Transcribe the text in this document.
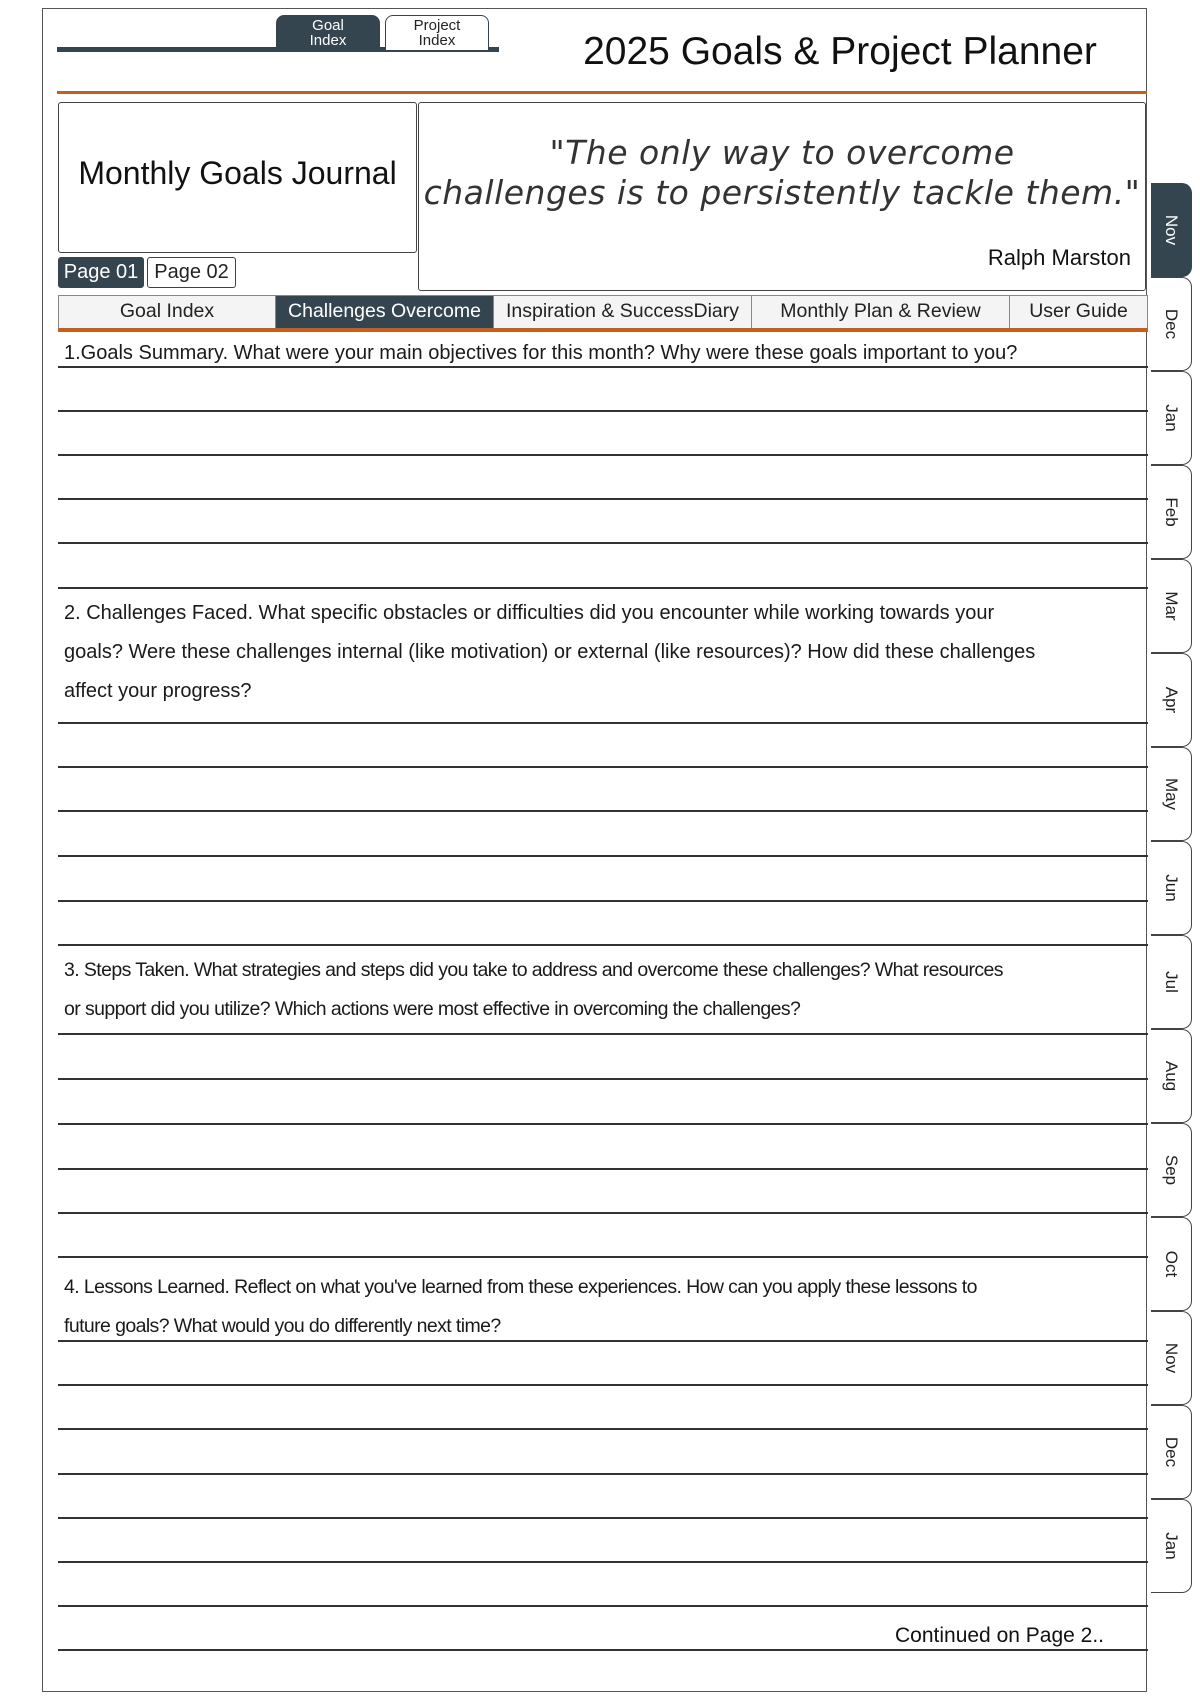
Goal
Index
Project
Index	2025 Goals & Project Planner
Monthly Goals Journal
Page 01 Page 02
"The only way to overcome
challenges is to persistently tackle them."
Ralph Marston
Goal Index	Challenges Overcome	Inspiration & SuccessDiary	Monthly Plan & Review	User Guide
1.Goals Summary. What were your main objectives for this month? Why were these goals important to you?
2. Challenges Faced. What specific obstacles or difficulties did you encounter while working towards your
goals? Were these challenges internal (like motivation) or external (like resources)? How did these challenges
affect your progress?
3. Steps Taken. What strategies and steps did you take to address and overcome these challenges? What resources
or support did you utilize? Which actions were most effective in overcoming the challenges?
4. Lessons Learned. Reflect on what you've learned from these experiences. How can you apply these lessons to
future goals? What would you do differently next time?
Continued on Page 2..
Nov
Dec
Jan
Feb
Mar
Apr
May
Jun
Jul
Aug
Sep
Oct
Nov
Dec
Jan
